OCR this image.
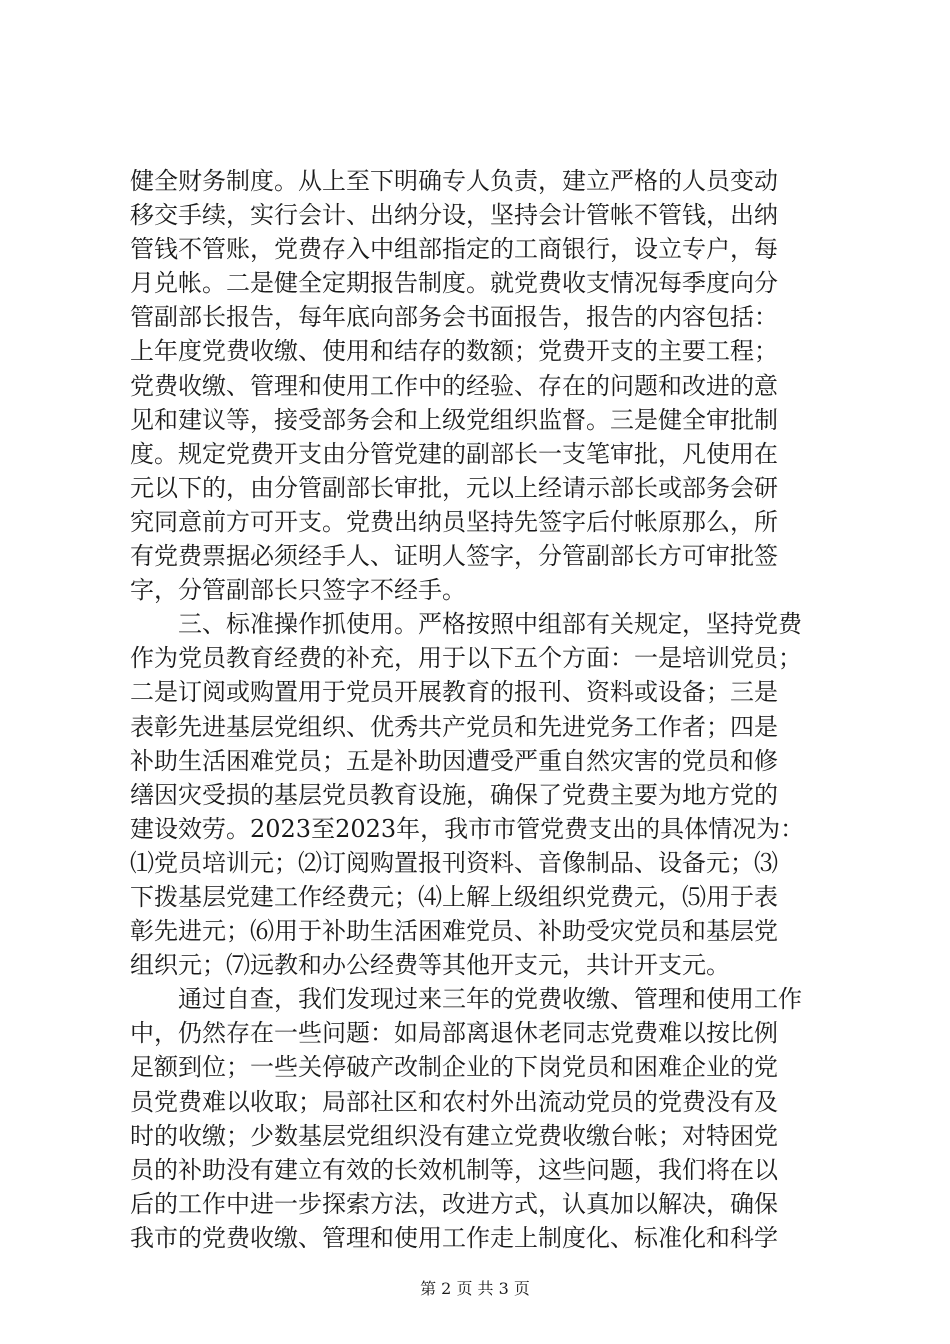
健全财务制度。从上至下明确专人负责，建立严格的人员变动
移交手续，实行会计、出纳分设，坚持会计管帐不管钱，出纳
管钱不管账，党费存入中组部指定的工商银行，设立专户，每
月兑帐。二是健全定期报告制度。就党费收支情况每季度向分
管副部长报告，每年底向部务会书面报告，报告的内容包括：
上年度党费收缴、使用和结存的数额；党费开支的主要工程；
党费收缴、管理和使用工作中的经验、存在的问题和改进的意
见和建议等，接受部务会和上级党组织监督。三是健全审批制
度。规定党费开支由分管党建的副部长一支笔审批，凡使用在
元以下的，由分管副部长审批，元以上经请示部长或部务会研
究同意前方可开支。党费出纳员坚持先签字后付帐原那么，所
有党费票据必须经手人、证明人签字，分管副部长方可审批签
字，分管副部长只签字不经手。
　　三、标准操作抓使用。严格按照中组部有关规定，坚持党费
作为党员教育经费的补充，用于以下五个方面：一是培训党员；
二是订阅或购置用于党员开展教育的报刊、资料或设备；三是
表彰先进基层党组织、优秀共产党员和先进党务工作者；四是
补助生活困难党员；五是补助因遭受严重自然灾害的党员和修
缮因灾受损的基层党员教育设施，确保了党费主要为地方党的
建设效劳。2023至2023年，我市市管党费支出的具体情况为：
⑴党员培训元；⑵订阅购置报刊资料、音像制品、设备元；⑶
下拨基层党建工作经费元；⑷上解上级组织党费元，⑸用于表
彰先进元；⑹用于补助生活困难党员、补助受灾党员和基层党
组织元；⑺远教和办公经费等其他开支元，共计开支元。
　　通过自查，我们发现过来三年的党费收缴、管理和使用工作
中，仍然存在一些问题：如局部离退休老同志党费难以按比例
足额到位；一些关停破产改制企业的下岗党员和困难企业的党
员党费难以收取；局部社区和农村外出流动党员的党费没有及
时的收缴；少数基层党组织没有建立党费收缴台帐；对特困党
员的补助没有建立有效的长效机制等，这些问题，我们将在以
后的工作中进一步探索方法，改进方式，认真加以解决，确保
我市的党费收缴、管理和使用工作走上制度化、标准化和科学
第 2 页 共 3 页
